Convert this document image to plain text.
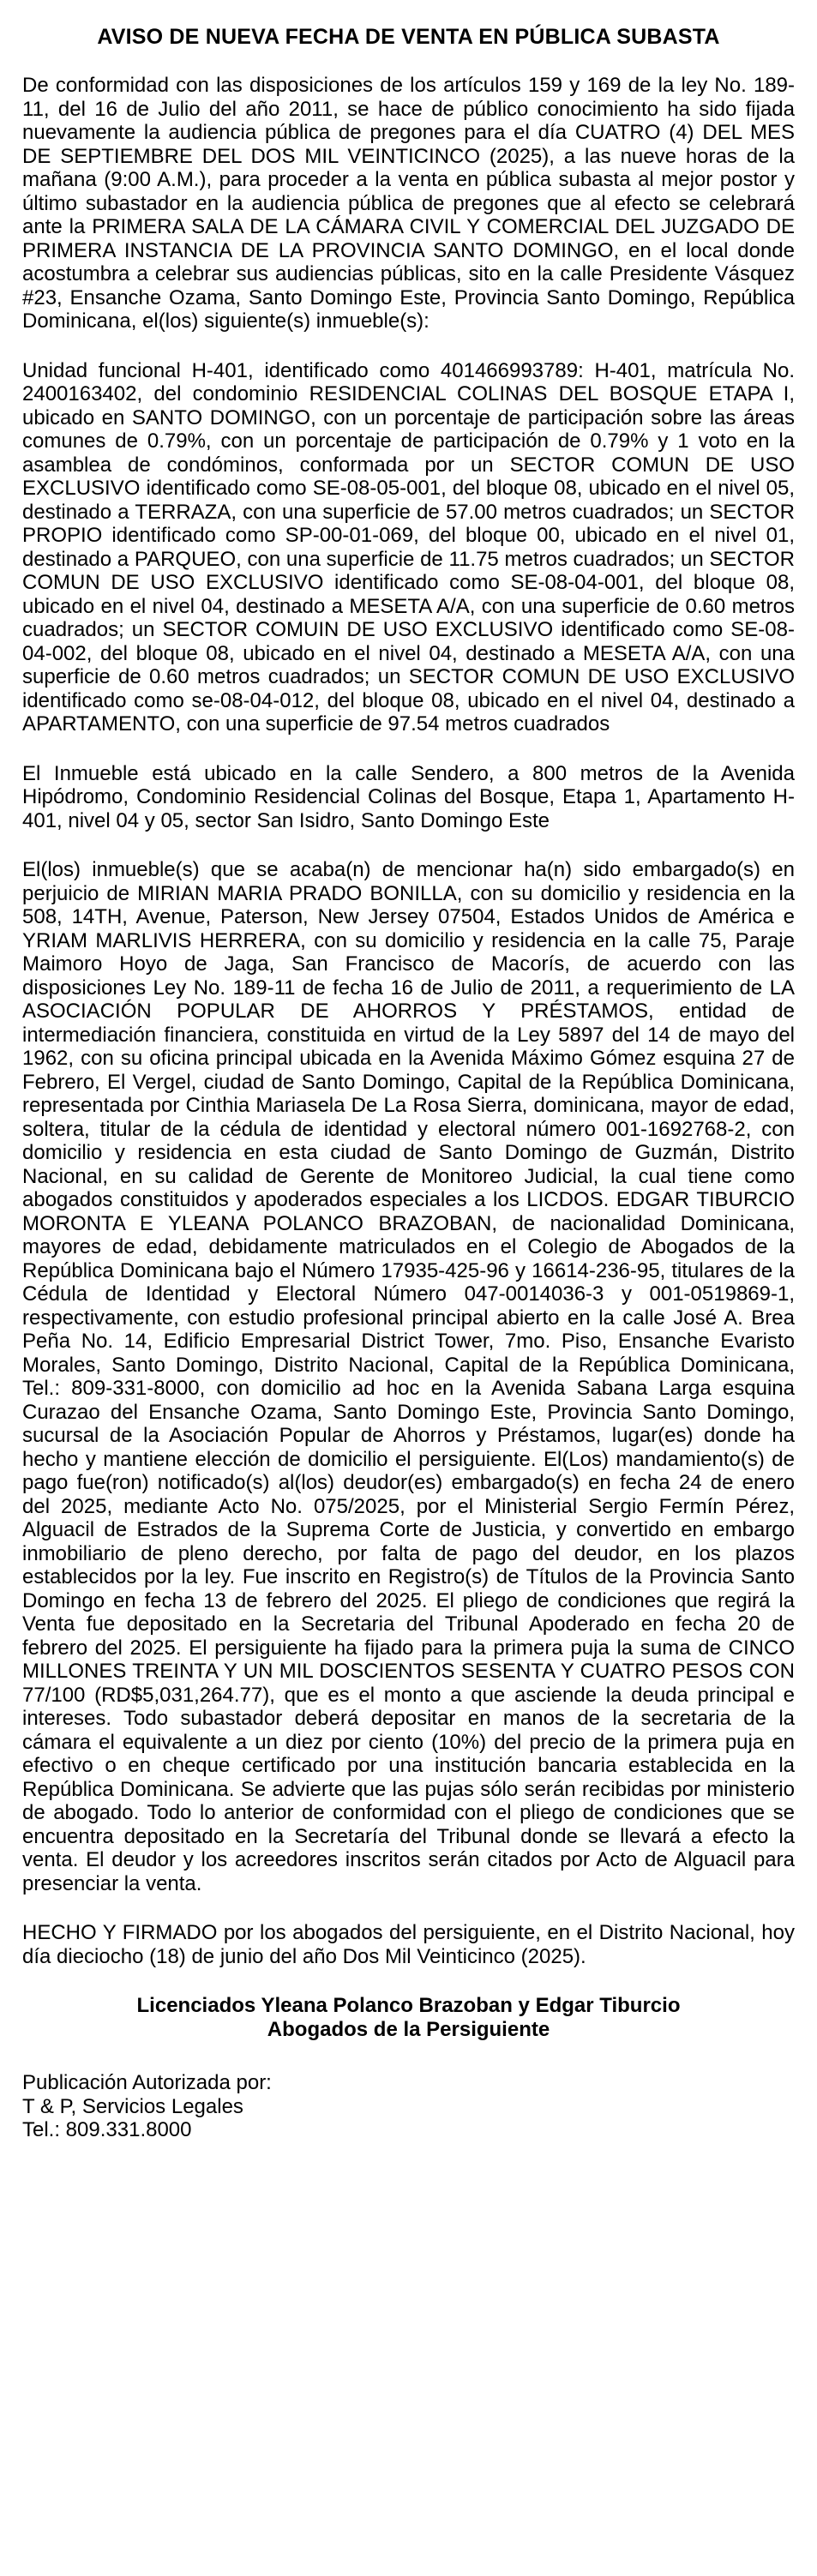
AVISO DE NUEVA FECHA DE VENTA EN PÚBLICA SUBASTA

De conformidad con las disposiciones de los artículos 159 y 169 de la ley No. 189-11, del 16 de Julio del año 2011, se hace de público conocimiento ha sido fijada nuevamente la audiencia pública de pregones para el día CUATRO (4) DEL MES DE SEPTIEMBRE DEL DOS MIL VEINTICINCO (2025), a las nueve horas de la mañana (9:00 A.M.), para proceder a la venta en pública subasta al mejor postor y último subastador en la audiencia pública de pregones que al efecto se celebrará ante la PRIMERA SALA DE LA CÁMARA CIVIL Y COMERCIAL DEL JUZGADO DE PRIMERA INSTANCIA DE LA PROVINCIA SANTO DOMINGO, en el local donde acostumbra a celebrar sus audiencias públicas, sito en la calle Presidente Vásquez #23, Ensanche Ozama, Santo Domingo Este, Provincia Santo Domingo, República Dominicana, el(los) siguiente(s) inmueble(s):

Unidad funcional H-401, identificado como 401466993789: H-401, matrícula No. 2400163402, del condominio RESIDENCIAL COLINAS DEL BOSQUE ETAPA I, ubicado en SANTO DOMINGO, con un porcentaje de participación sobre las áreas comunes de 0.79%, con un porcentaje de participación de 0.79% y 1 voto en la asamblea de condóminos, conformada por un SECTOR COMUN DE USO EXCLUSIVO identificado como SE-08-05-001, del bloque 08, ubicado en el nivel 05, destinado a TERRAZA, con una superficie de 57.00 metros cuadrados; un SECTOR PROPIO identificado como SP-00-01-069, del bloque 00, ubicado en el nivel 01, destinado a PARQUEO, con una superficie de 11.75 metros cuadrados; un SECTOR COMUN DE USO EXCLUSIVO identificado como SE-08-04-001, del bloque 08, ubicado en el nivel 04, destinado a MESETA A/A, con una superficie de 0.60 metros cuadrados; un SECTOR COMUIN DE USO EXCLUSIVO identificado como SE-08-04-002, del bloque 08, ubicado en el nivel 04, destinado a MESETA A/A, con una superficie de 0.60 metros cuadrados; un SECTOR COMUN DE USO EXCLUSIVO identificado como se-08-04-012, del bloque 08, ubicado en el nivel 04, destinado a APARTAMENTO, con una superficie de 97.54 metros cuadrados

El Inmueble está ubicado en la calle Sendero, a 800 metros de la Avenida Hipódromo, Condominio Residencial Colinas del Bosque, Etapa 1, Apartamento H-401, nivel 04 y 05, sector San Isidro, Santo Domingo Este

El(los) inmueble(s) que se acaba(n) de mencionar ha(n) sido embargado(s) en perjuicio de MIRIAN MARIA PRADO BONILLA, con su domicilio y residencia en la 508, 14TH, Avenue, Paterson, New Jersey 07504, Estados Unidos de América e YRIAM MARLIVIS HERRERA, con su domicilio y residencia en la calle 75, Paraje Maimoro Hoyo de Jaga, San Francisco de Macorís, de acuerdo con las disposiciones Ley No. 189-11 de fecha 16 de Julio de 2011, a requerimiento de LA ASOCIACIÓN POPULAR DE AHORROS Y PRÉSTAMOS, entidad de intermediación financiera, constituida en virtud de la Ley 5897 del 14 de mayo del 1962, con su oficina principal ubicada en la Avenida Máximo Gómez esquina 27 de Febrero, El Vergel, ciudad de Santo Domingo, Capital de la República Dominicana, representada por Cinthia Mariasela De La Rosa Sierra, dominicana, mayor de edad, soltera, titular de la cédula de identidad y electoral número 001-1692768-2, con domicilio y residencia en esta ciudad de Santo Domingo de Guzmán, Distrito Nacional, en su calidad de Gerente de Monitoreo Judicial, la cual tiene como abogados constituidos y apoderados especiales a los LICDOS. EDGAR TIBURCIO MORONTA E YLEANA POLANCO BRAZOBAN, de nacionalidad Dominicana, mayores de edad, debidamente matriculados en el Colegio de Abogados de la República Dominicana bajo el Número 17935-425-96 y 16614-236-95, titulares de la Cédula de Identidad y Electoral Número 047-0014036-3 y 001-0519869-1, respectivamente, con estudio profesional principal abierto en la calle José A. Brea Peña No. 14, Edificio Empresarial District Tower, 7mo. Piso, Ensanche Evaristo Morales, Santo Domingo, Distrito Nacional, Capital de la República Dominicana, Tel.: 809-331-8000, con domicilio ad hoc en la Avenida Sabana Larga esquina Curazao del Ensanche Ozama, Santo Domingo Este, Provincia Santo Domingo, sucursal de la Asociación Popular de Ahorros y Préstamos, lugar(es) donde ha hecho y mantiene elección de domicilio el persiguiente. El(Los) mandamiento(s) de pago fue(ron) notificado(s) al(los) deudor(es) embargado(s) en fecha 24 de enero del 2025, mediante Acto No. 075/2025, por el Ministerial Sergio Fermín Pérez, Alguacil de Estrados de la Suprema Corte de Justicia, y convertido en embargo inmobiliario de pleno derecho, por falta de pago del deudor, en los plazos establecidos por la ley. Fue inscrito en Registro(s) de Títulos de la Provincia Santo Domingo en fecha 13 de febrero del 2025. El pliego de condiciones que regirá la Venta fue depositado en la Secretaria del Tribunal Apoderado en fecha 20 de febrero del 2025. El persiguiente ha fijado para la primera puja la suma de CINCO MILLONES TREINTA Y UN MIL DOSCIENTOS SESENTA Y CUATRO PESOS CON 77/100 (RD$5,031,264.77), que es el monto a que asciende la deuda principal e intereses. Todo subastador deberá depositar en manos de la secretaria de la cámara el equivalente a un diez por ciento (10%) del precio de la primera puja en efectivo o en cheque certificado por una institución bancaria establecida en la República Dominicana. Se advierte que las pujas sólo serán recibidas por ministerio de abogado. Todo lo anterior de conformidad con el pliego de condiciones que se encuentra depositado en la Secretaría del Tribunal donde se llevará a efecto la venta. El deudor y los acreedores inscritos serán citados por Acto de Alguacil para presenciar la venta.

HECHO Y FIRMADO por los abogados del persiguiente, en el Distrito Nacional, hoy día dieciocho (18) de junio del año Dos Mil Veinticinco (2025).

Licenciados Yleana Polanco Brazoban y Edgar Tiburcio
Abogados de la Persiguiente
Publicación Autorizada por:
T & P, Servicios Legales
Tel.: 809.331.8000
